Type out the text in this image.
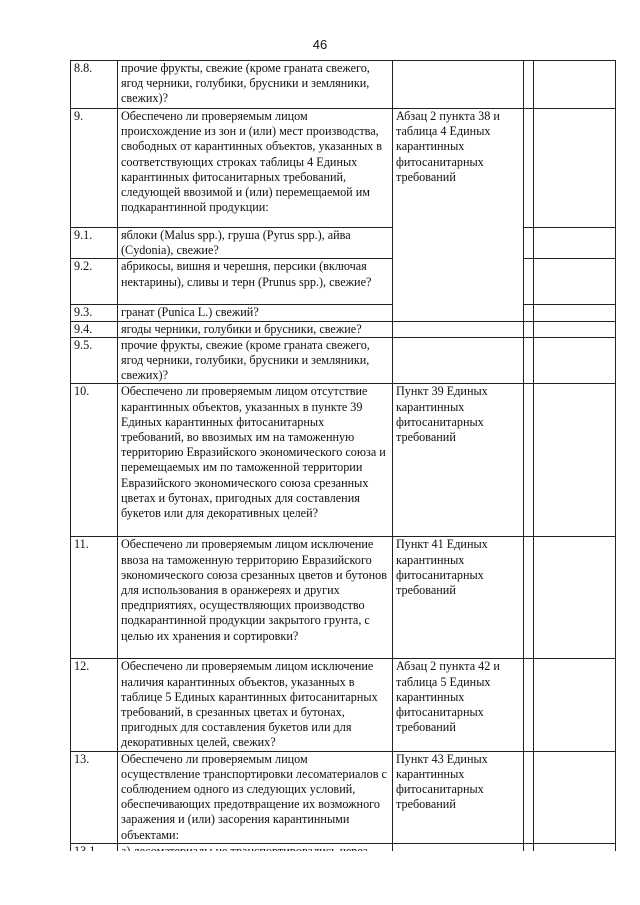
46
8.8.	прочие фрукты, свежие (кроме граната свежего, ягод черники, голубики, брусники и земляники, свежих)?			
9.	Обеспечено ли проверяемым лицом происхождение из зон и (или) мест производства, свободных от карантинных объектов, указанных в соответствующих строках таблицы 4 Единых карантинных фитосанитарных требований, следующей ввозимой и (или) перемещаемой им подкарантинной продукции:	Абзац 2 пункта 38 и таблица 4 Единых карантинных фитосанитарных требований		
9.1.	яблоки (Malus spp.), груша (Pyrus spp.), айва (Cydonia), свежие?			
9.2.	абрикосы, вишня и черешня, персики (включая нектарины), сливы и терн (Prunus spp.), свежие?			
9.3.	гранат (Punica L.) свежий?			
9.4.	ягоды черники, голубики и брусники, свежие?			
9.5.	прочие фрукты, свежие (кроме граната свежего, ягод черники, голубики, брусники и земляники, свежих)?			
10.	Обеспечено ли проверяемым лицом отсутствие карантинных объектов, указанных в пункте 39 Единых карантинных фитосанитарных требований, во ввозимых им на таможенную территорию Евразийского экономического союза и перемещаемых им по таможенной территории Евразийского экономического союза срезанных цветах и бутонах, пригодных для составления букетов или для декоративных целей?	Пункт 39 Единых карантинных фитосанитарных требований		
11.	Обеспечено ли проверяемым лицом исключение ввоза на таможенную территорию Евразийского экономического союза срезанных цветов и бутонов для использования в оранжереях и других предприятиях, осуществляющих производство подкарантинной продукции закрытого грунта, с целью их хранения и сортировки?	Пункт 41 Единых карантинных фитосанитарных требований		
12.	Обеспечено ли проверяемым лицом исключение наличия карантинных объектов, указанных в таблице 5 Единых карантинных фитосанитарных требований, в срезанных цветах и бутонах, пригодных для составления букетов или для декоративных целей, свежих?	Абзац 2 пункта 42 и таблица 5 Единых карантинных фитосанитарных требований		
13.	Обеспечено ли проверяемым лицом осуществление транспортировки лесоматериалов с соблюдением одного из следующих условий, обеспечивающих предотвращение их возможного заражения и (или) засорения карантинными объектами:	Пункт 43 Единых карантинных фитосанитарных требований		
